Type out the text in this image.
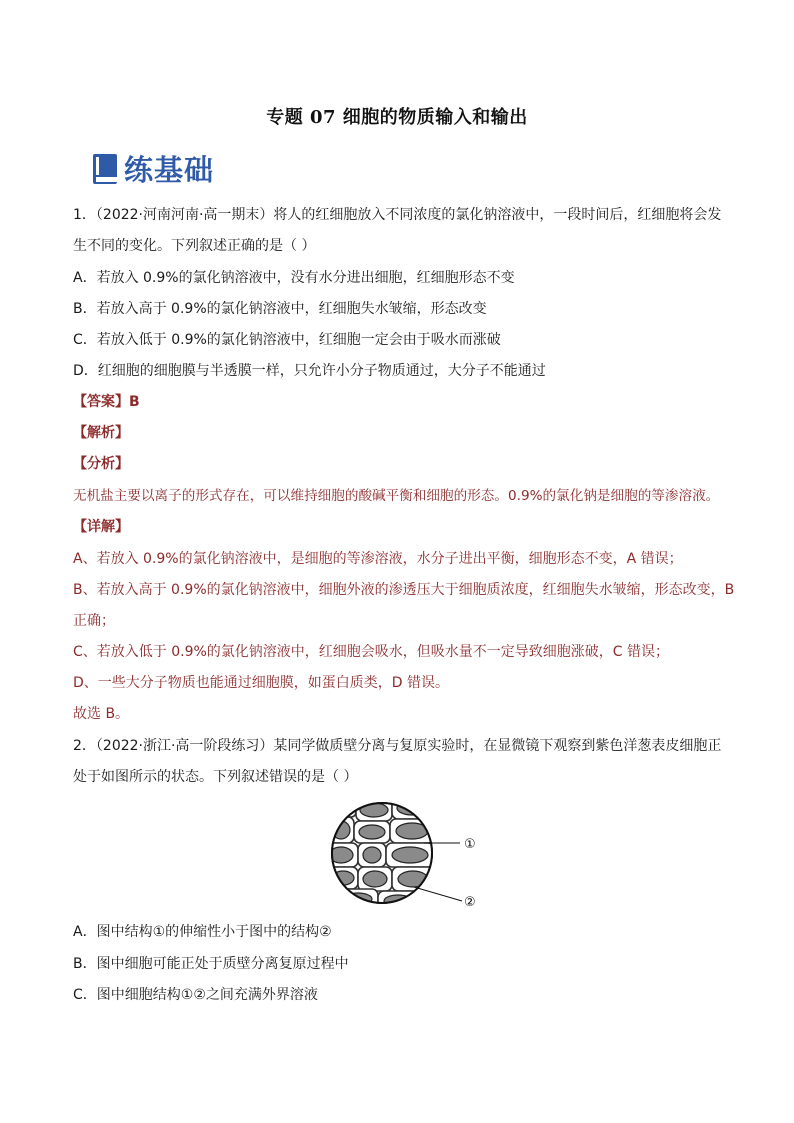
专题 07 细胞的物质输入和输出
练基础
1．（2022·河南河南·高一期末）将人的红细胞放入不同浓度的氯化钠溶液中，一段时间后，红细胞将会发
生不同的变化。下列叙述正确的是（ ）
A．若放入 0.9%的氯化钠溶液中，没有水分进出细胞，红细胞形态不变
B．若放入高于 0.9%的氯化钠溶液中，红细胞失水皱缩，形态改变
C．若放入低于 0.9%的氯化钠溶液中，红细胞一定会由于吸水而涨破
D．红细胞的细胞膜与半透膜一样，只允许小分子物质通过，大分子不能通过
【答案】B
【解析】
【分析】
无机盐主要以离子的形式存在，可以维持细胞的酸碱平衡和细胞的形态。0.9%的氯化钠是细胞的等渗溶液。
【详解】
A、若放入 0.9%的氯化钠溶液中，是细胞的等渗溶液，水分子进出平衡，细胞形态不变，A 错误；
B、若放入高于 0.9%的氯化钠溶液中，细胞外液的渗透压大于细胞质浓度，红细胞失水皱缩，形态改变，B
正确；
C、若放入低于 0.9%的氯化钠溶液中，红细胞会吸水，但吸水量不一定导致细胞涨破，C 错误；
D、一些大分子物质也能通过细胞膜，如蛋白质类，D 错误。
故选 B。
2．（2022·浙江·高一阶段练习）某同学做质壁分离与复原实验时，在显微镜下观察到紫色洋葱表皮细胞正
处于如图所示的状态。下列叙述错误的是（ ）
①
②
A．图中结构①的伸缩性小于图中的结构②
B．图中细胞可能正处于质壁分离复原过程中
C．图中细胞结构①②之间充满外界溶液
